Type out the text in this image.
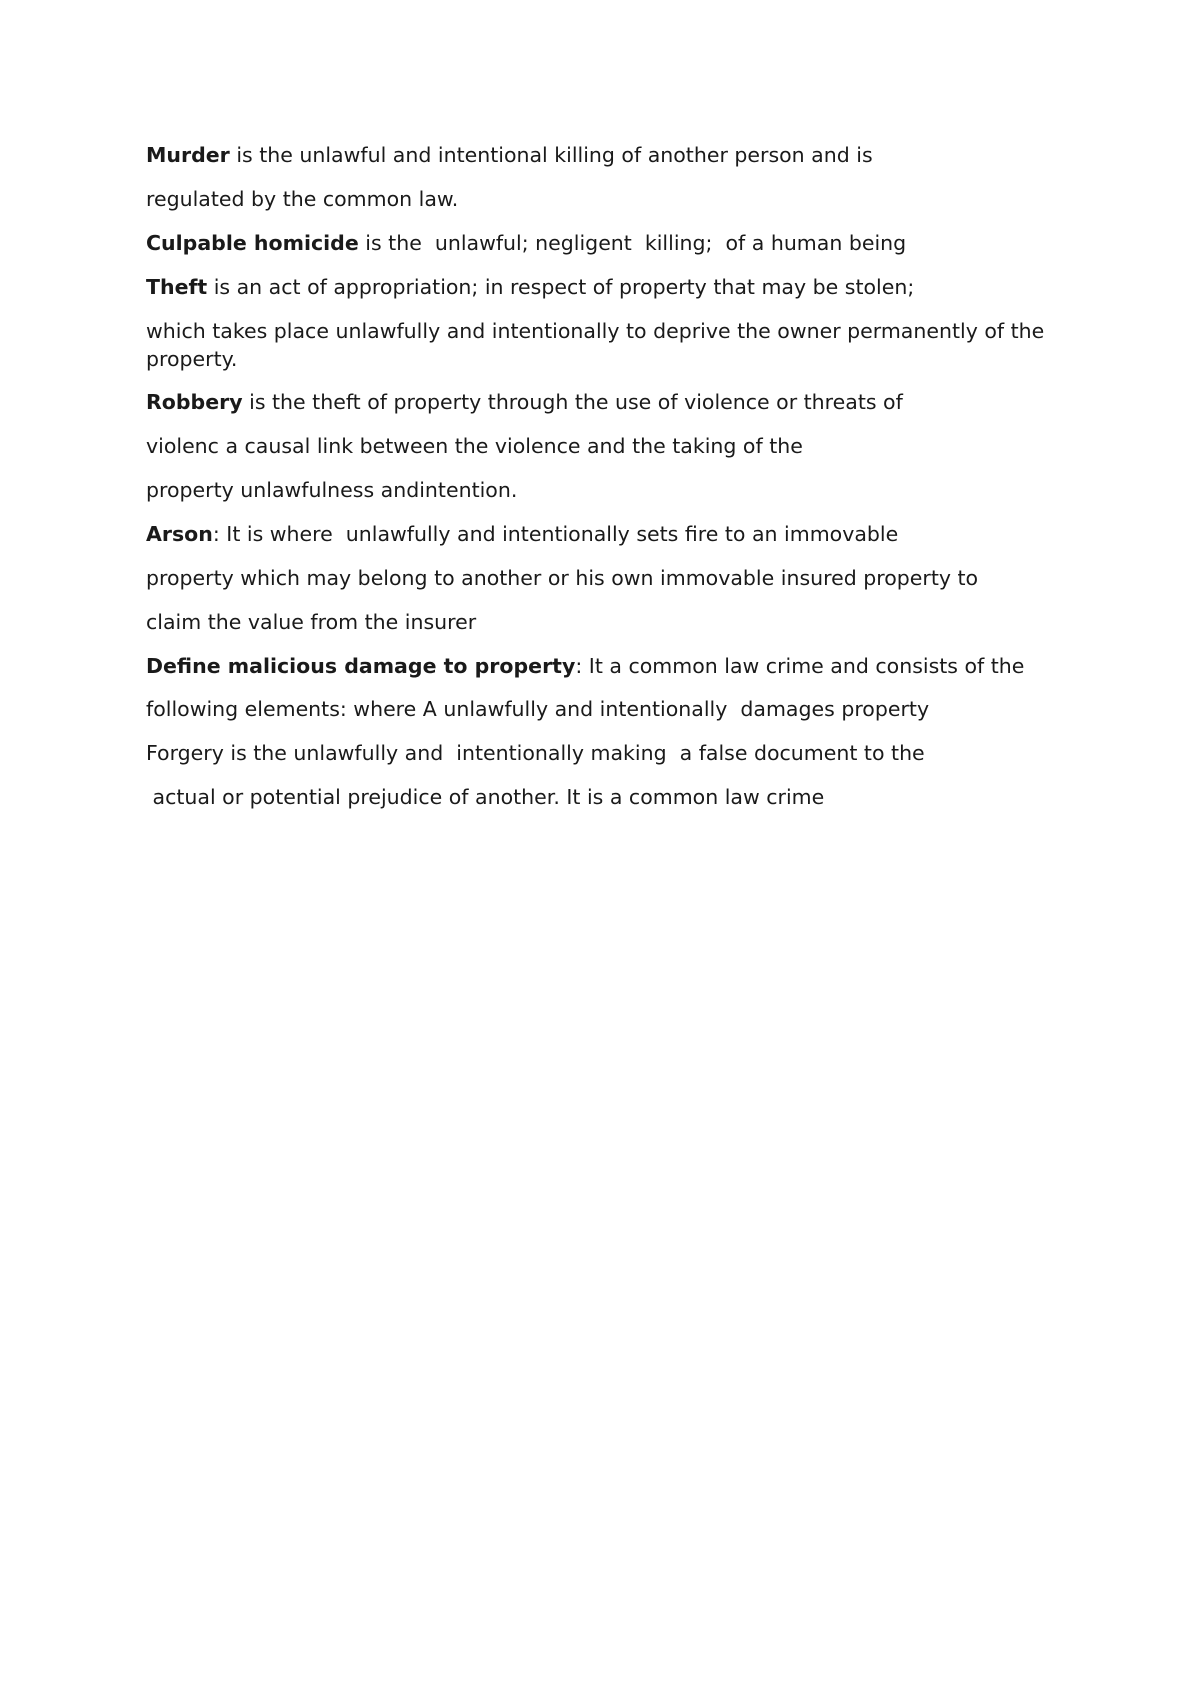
Murder is the unlawful and intentional killing of another person and is

regulated by the common law.

Culpable homicide is the  unlawful; negligent  killing;  of a human being

Theft is an act of appropriation; in respect of property that may be stolen;

which takes place unlawfully and intentionally to deprive the owner permanently of the property.

Robbery is the theft of property through the use of violence or threats of

violenc a causal link between the violence and the taking of the

property unlawfulness andintention.

Arson: It is where  unlawfully and intentionally sets fire to an immovable

property which may belong to another or his own immovable insured property to

claim the value from the insurer

Define malicious damage to property: It a common law crime and consists of the

following elements: where A unlawfully and intentionally  damages property

Forgery is the unlawfully and  intentionally making  a false document to the

actual or potential prejudice of another. It is a common law crime
